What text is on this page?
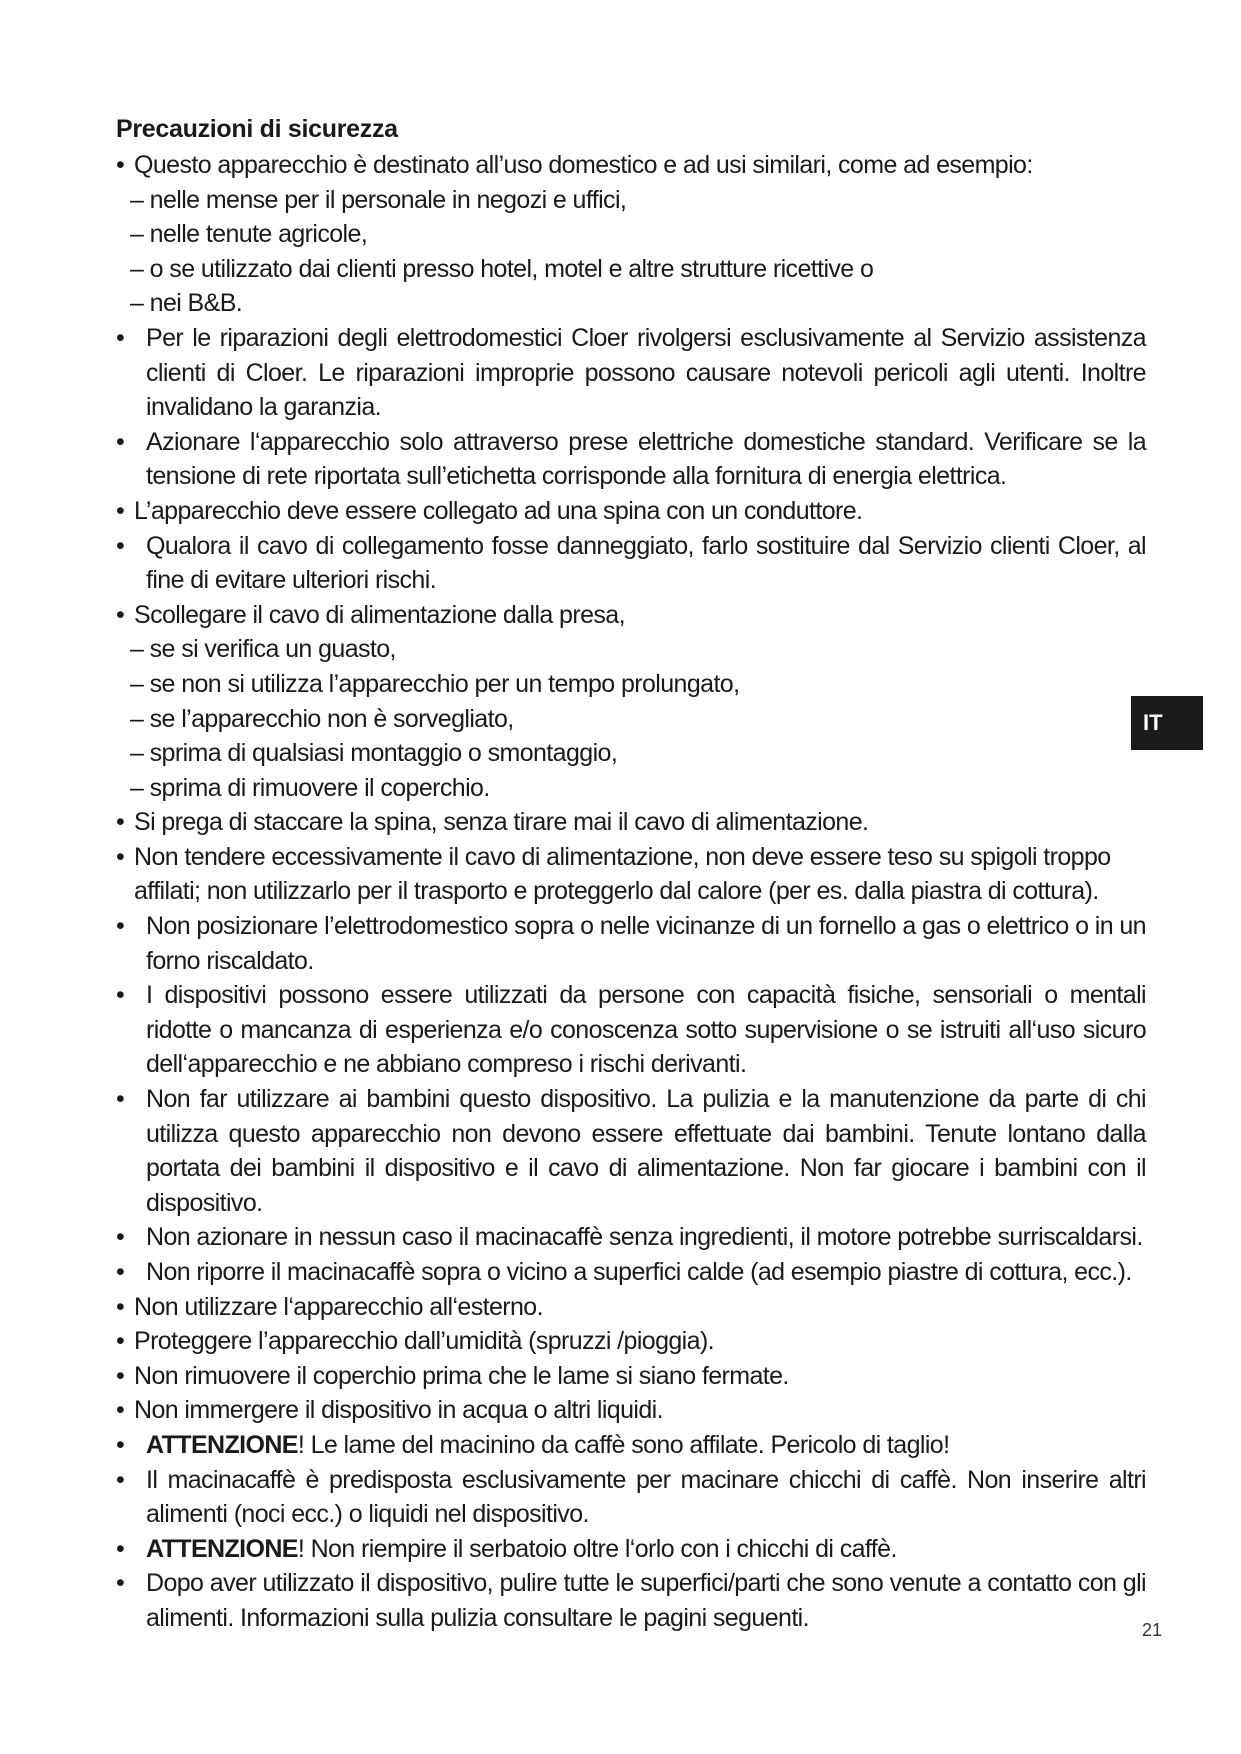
Precauzioni di sicurezza
• Questo apparecchio è destinato all’uso domestico e ad usi similari, come ad esempio:
– nelle mense per il personale in negozi e uffici,
– nelle tenute agricole,
– o se utilizzato dai clienti presso hotel, motel e altre strutture ricettive o
– nei B&B.
• Per le riparazioni degli elettrodomestici Cloer rivolgersi esclusivamente al Servizio assistenza clienti di Cloer. Le riparazioni improprie possono causare notevoli pericoli agli utenti. Inoltre invalidano la garanzia.
• Azionare l‘apparecchio solo attraverso prese elettriche domestiche standard. Verificare se la tensione di rete riportata sull’etichetta corrisponde alla fornitura di energia elettrica.
• L’apparecchio deve essere collegato ad una spina con un conduttore.
• Qualora il cavo di collegamento fosse danneggiato, farlo sostituire dal Servizio clienti Cloer, al fine di evitare ulteriori rischi.
• Scollegare il cavo di alimentazione dalla presa,
– se si verifica un guasto,
– se non si utilizza l’apparecchio per un tempo prolungato,
– se l’apparecchio non è sorvegliato,
– sprima di qualsiasi montaggio o smontaggio,
– sprima di rimuovere il coperchio.
• Si prega di staccare la spina, senza tirare mai il cavo di alimentazione.
• Non tendere eccessivamente il cavo di alimentazione, non deve essere teso su spigoli troppo affilati; non utilizzarlo per il trasporto e proteggerlo dal calore (per es. dalla piastra di cottura).
• Non posizionare l’elettrodomestico sopra o nelle vicinanze di un fornello a gas o elettrico o in un forno riscaldato.
• I dispositivi possono essere utilizzati da persone con capacità fisiche, sensoriali o mentali ridotte o mancanza di esperienza e/o conoscenza sotto supervisione o se istruiti all‘uso sicuro dell‘apparecchio e ne abbiano compreso i rischi derivanti.
• Non far utilizzare ai bambini questo dispositivo. La pulizia e la manutenzione da parte di chi utilizza questo apparecchio non devono essere effettuate dai bambini. Tenute lontano dalla portata dei bambini il dispositivo e il cavo di alimentazione. Non far giocare i bambini con il dispositivo.
• Non azionare in nessun caso il macinacaffè senza ingredienti, il motore potrebbe surriscaldarsi.
• Non riporre il macinacaffè sopra o vicino a superfici calde (ad esempio piastre di cottura, ecc.).
• Non utilizzare l‘apparecchio all‘esterno.
• Proteggere l’apparecchio dall’umidità (spruzzi /pioggia).
• Non rimuovere il coperchio prima che le lame si siano fermate.
• Non immergere il dispositivo in acqua o altri liquidi.
• ATTENZIONE! Le lame del macinino da caffè sono affilate. Pericolo di taglio!
• Il macinacaffè è predisposta esclusivamente per macinare chicchi di caffè. Non inserire altri alimenti (noci ecc.) o liquidi nel dispositivo.
• ATTENZIONE! Non riempire il serbatoio oltre l‘orlo con i chicchi di caffè.
• Dopo aver utilizzato il dispositivo, pulire tutte le superfici/parti che sono venute a contatto con gli alimenti. Informazioni sulla pulizia consultare le pagini seguenti.
IT
21
